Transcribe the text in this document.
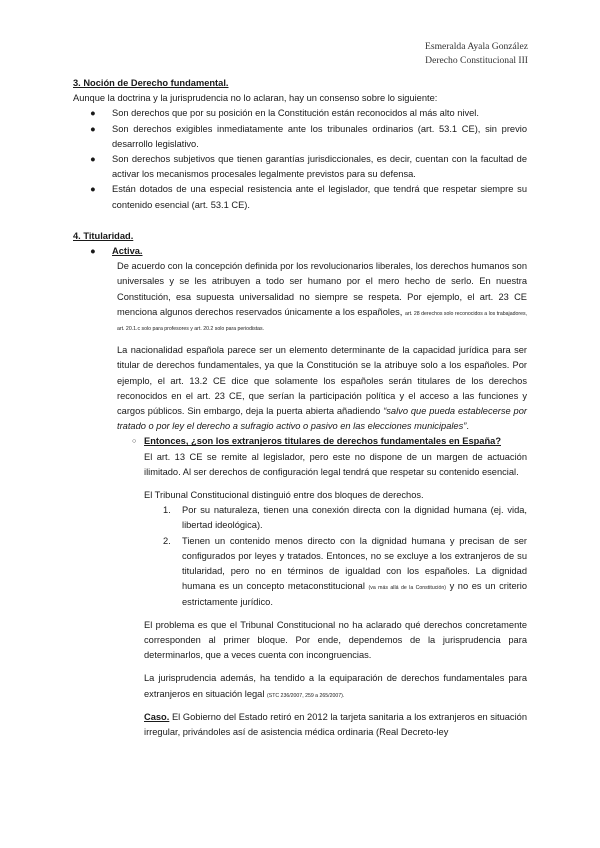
Esmeralda Ayala González
Derecho Constitucional III

3. Noción de Derecho fundamental.

Aunque la doctrina y la jurisprudencia no lo aclaran, hay un consenso sobre lo siguiente:

● Son derechos que por su posición en la Constitución están reconocidos al más alto nivel.
● Son derechos exigibles inmediatamente ante los tribunales ordinarios (art. 53.1 CE), sin previo desarrollo legislativo.
● Son derechos subjetivos que tienen garantías jurisdiccionales, es decir, cuentan con la facultad de activar los mecanismos procesales legalmente previstos para su defensa.
● Están dotados de una especial resistencia ante el legislador, que tendrá que respetar siempre su contenido esencial (art. 53.1 CE).

4. Titularidad.

● Activa.
De acuerdo con la concepción definida por los revolucionarios liberales, los derechos humanos son universales y se les atribuyen a todo ser humano por el mero hecho de serlo. En nuestra Constitución, esa supuesta universalidad no siempre se respeta. Por ejemplo, el art. 23 CE menciona algunos derechos reservados únicamente a los españoles, art. 28 derechos solo reconocidos a los trabajadores, art. 20.1.c solo para profesores y art. 20.2 solo para periodistas.
La nacionalidad española parece ser un elemento determinante de la capacidad jurídica para ser titular de derechos fundamentales, ya que la Constitución se la atribuye solo a los españoles. Por ejemplo, el art. 13.2 CE dice que solamente los españoles serán titulares de los derechos reconocidos en el art. 23 CE, que serían la participación política y el acceso a las funciones y cargos públicos. Sin embargo, deja la puerta abierta añadiendo “salvo que pueda establecerse por tratado o por ley el derecho a sufragio activo o pasivo en las elecciones municipales”.
○ Entonces, ¿son los extranjeros titulares de derechos fundamentales en España?
El art. 13 CE se remite al legislador, pero este no dispone de un margen de actuación ilimitado. Al ser derechos de configuración legal tendrá que respetar su contenido esencial.
El Tribunal Constitucional distinguió entre dos bloques de derechos.
1. Por su naturaleza, tienen una conexión directa con la dignidad humana (ej. vida, libertad ideológica).
2. Tienen un contenido menos directo con la dignidad humana y precisan de ser configurados por leyes y tratados. Entonces, no se excluye a los extranjeros de su titularidad, pero no en términos de igualdad con los españoles. La dignidad humana es un concepto metaconstitucional (va más allá de la Constitución) y no es un criterio estrictamente jurídico.
El problema es que el Tribunal Constitucional no ha aclarado qué derechos concretamente corresponden al primer bloque. Por ende, dependemos de la jurisprudencia para determinarlos, que a veces cuenta con incongruencias.
La jurisprudencia además, ha tendido a la equiparación de derechos fundamentales para extranjeros en situación legal (STC 236/2007, 259 a 265/2007).
Caso. El Gobierno del Estado retiró en 2012 la tarjeta sanitaria a los extranjeros en situación irregular, privándoles así de asistencia médica ordinaria (Real Decreto-ley
